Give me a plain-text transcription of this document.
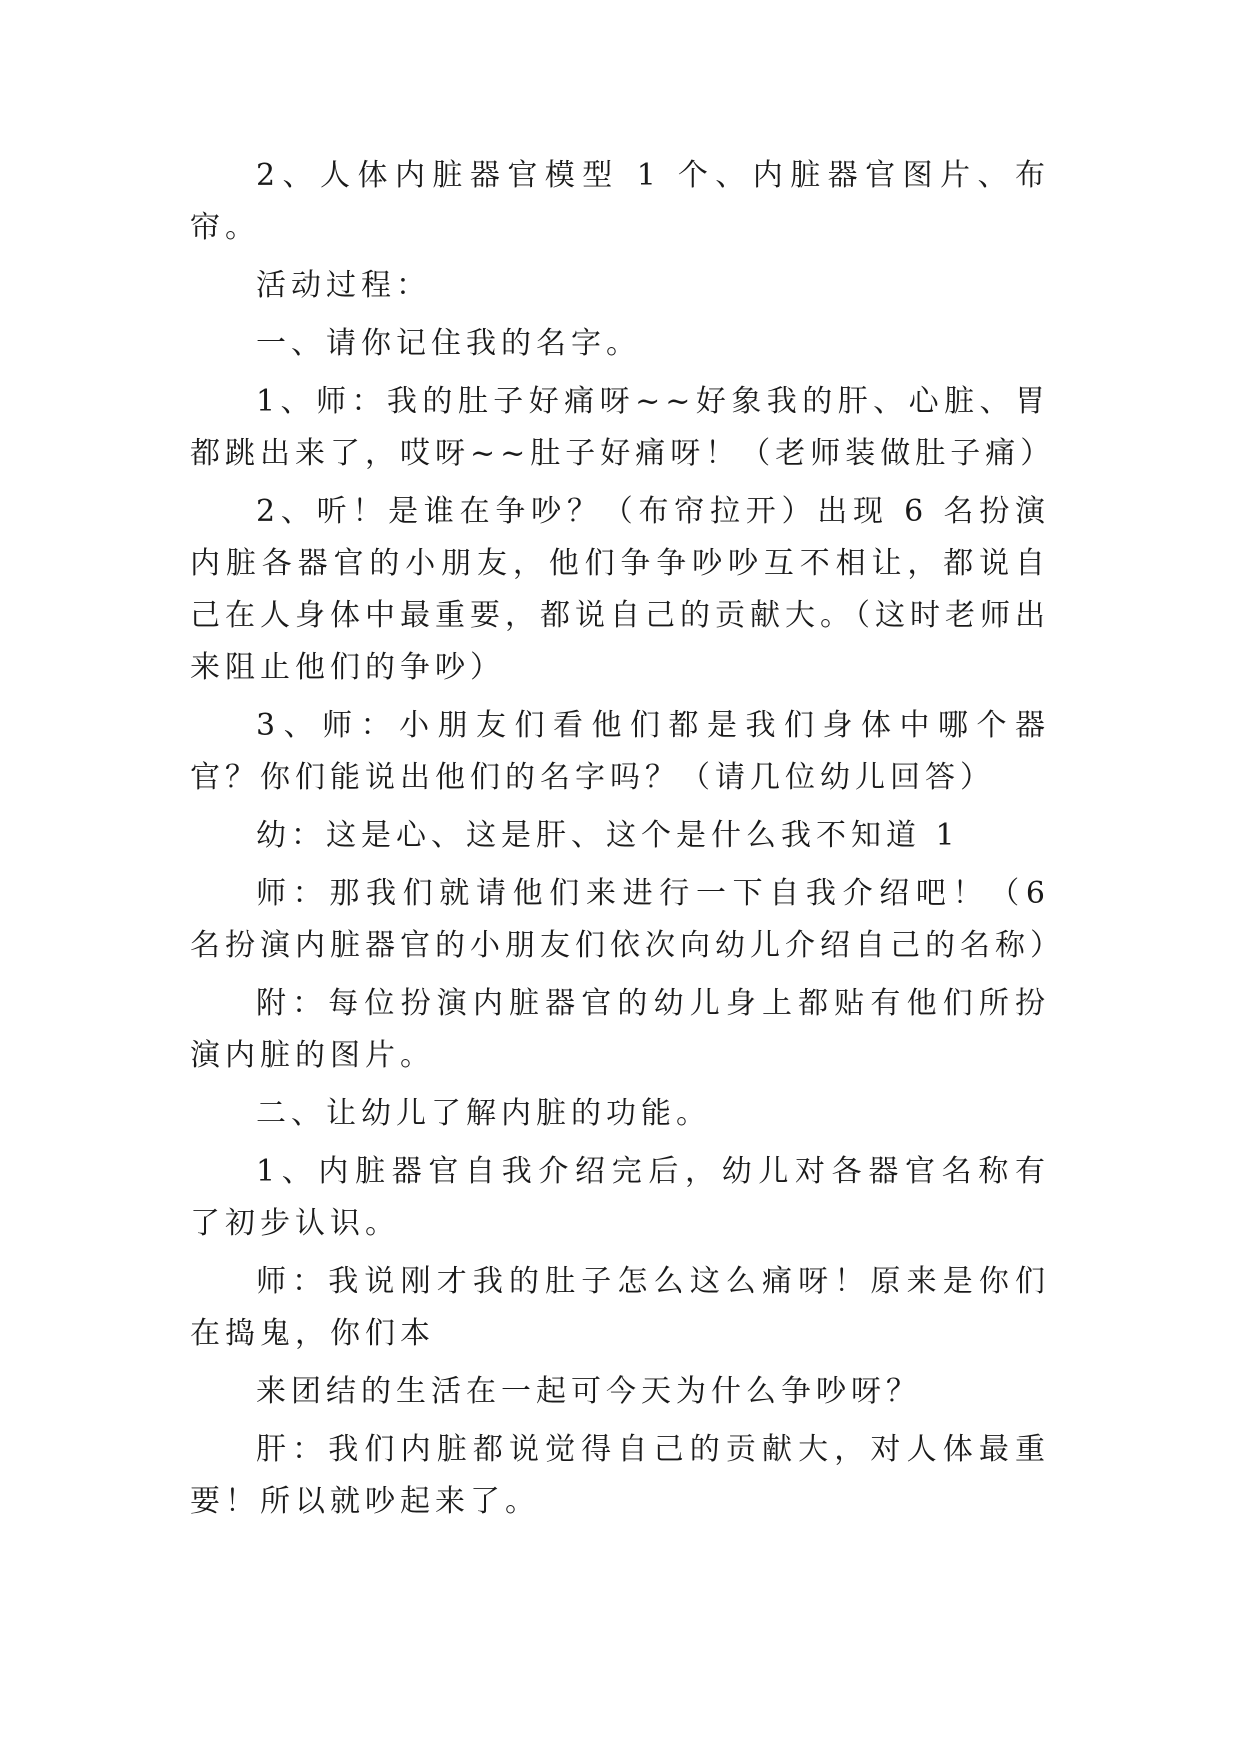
2、人体内脏器官模型 1 个、内脏器官图片、布帘。

活动过程：

一、请你记住我的名字。

1、师：我的肚子好痛呀~~好象我的肝、心脏、胃都跳出来了，哎呀~~肚子好痛呀！（老师装做肚子痛）

2、听！是谁在争吵？（布帘拉开）出现 6 名扮演内脏各器官的小朋友，他们争争吵吵互不相让，都说自己在人身体中最重要，都说自己的贡献大。（这时老师出来阻止他们的争吵）

3、师：小朋友们看他们都是我们身体中哪个器官？你们能说出他们的名字吗？（请几位幼儿回答）

幼：这是心、这是肝、这个是什么我不知道 1

师：那我们就请他们来进行一下自我介绍吧！（6 名扮演内脏器官的小朋友们依次向幼儿介绍自己的名称）

附：每位扮演内脏器官的幼儿身上都贴有他们所扮演内脏的图片。

二、让幼儿了解内脏的功能。

1、内脏器官自我介绍完后，幼儿对各器官名称有了初步认识。

师：我说刚才我的肚子怎么这么痛呀！原来是你们在捣鬼，你们本

来团结的生活在一起可今天为什么争吵呀？

肝：我们内脏都说觉得自己的贡献大，对人体最重要！所以就吵起来了。
